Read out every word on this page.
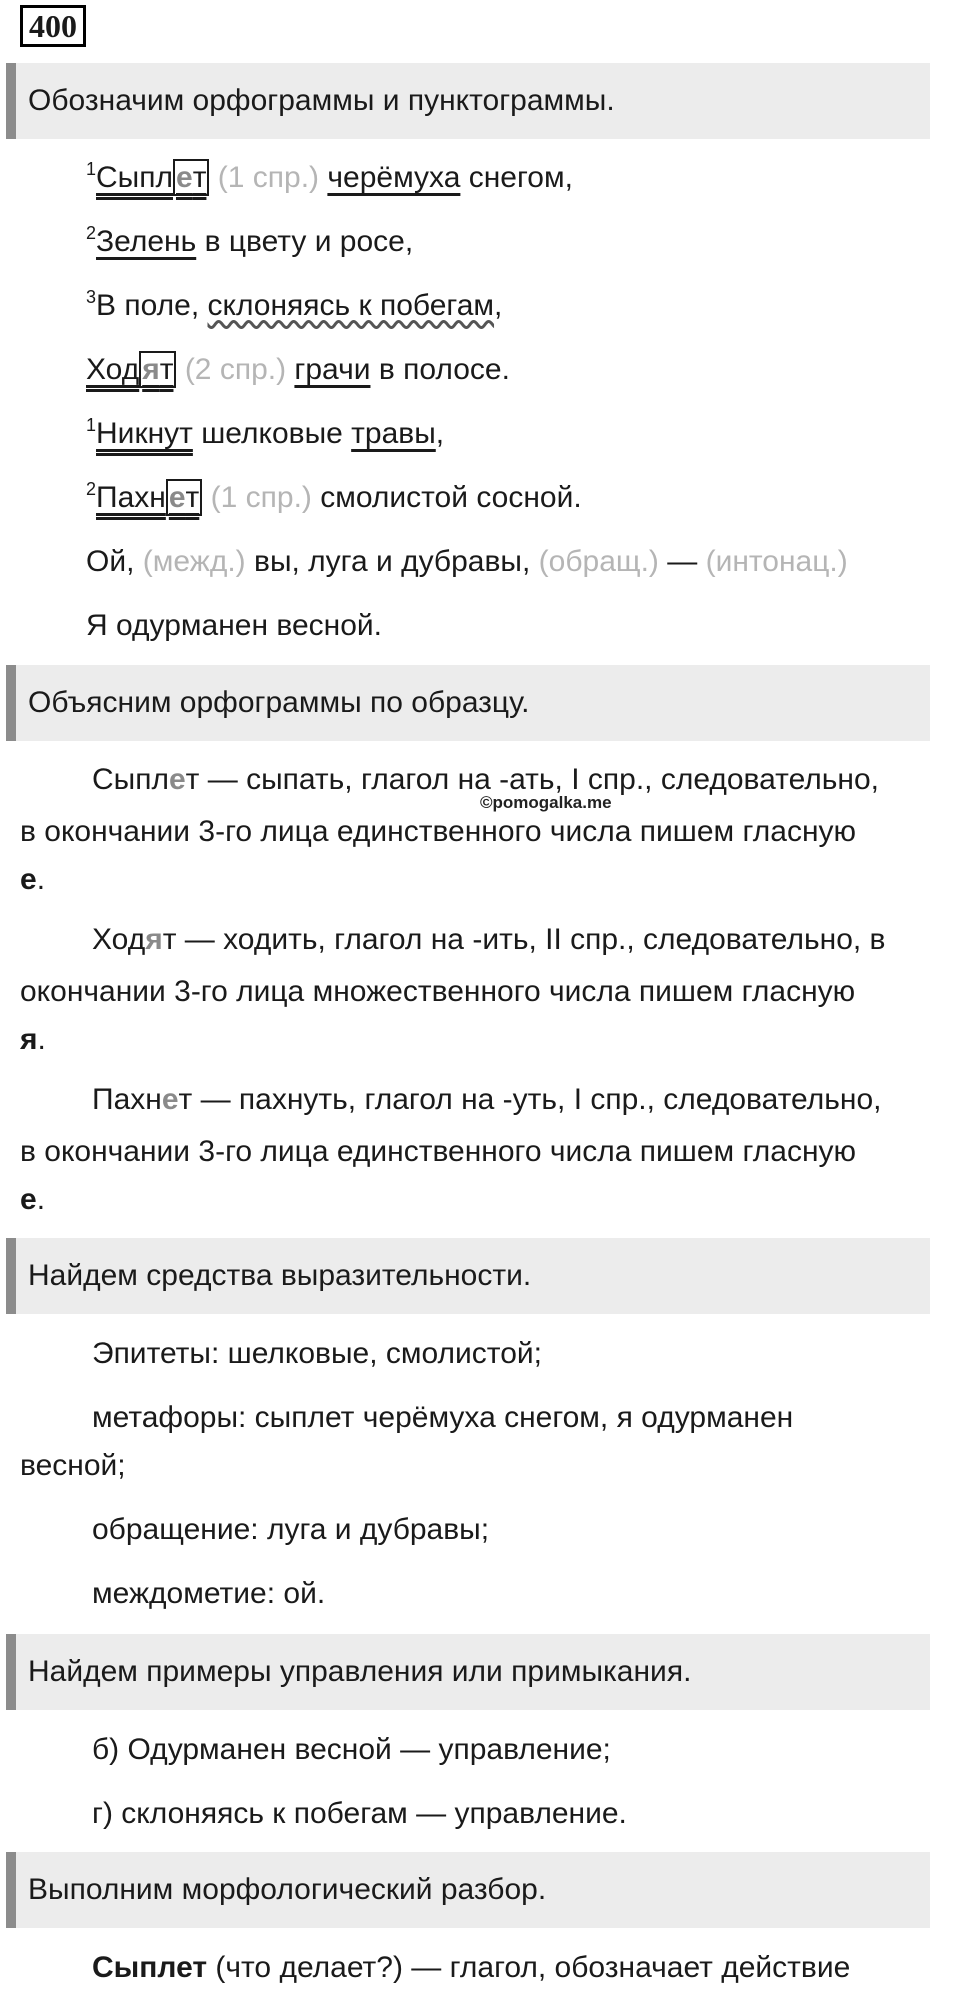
400
Обозначим орфограммы и пунктограммы.
$^1$Сыпл ет (1 спр.) черёмуха снегом,
$^2$Зелень в цвету и росе,
$^3$В поле, склоняясь к побегам,
Ход ят (2 спр.) грачи в полосе.
$^1$Никнут шелковые травы,
$^2$Пахн ет (1 спр.) смолистой сосной.
Ой, (межд.) вы, луга и дубравы, (обращ.) — (интонац.)
Я одурманен весной.
Объясним орфограммы по образцу.
Сыплет — сыпать, глагол на -ать, I спр., следовательно,
©pomogalka.me
в окончании 3-го лица единственного числа пишем гласную
е.
Ходят — ходить, глагол на -ить, II спр., следовательно, в
окончании 3-го лица множественного числа пишем гласную
я.
Пахнет — пахнуть, глагол на -уть, I спр., следовательно,
в окончании 3-го лица единственного числа пишем гласную
е.
Найдем средства выразительности.
Эпитеты: шелковые, смолистой;
метафоры: сыплет черёмуха снегом, я одурманен
весной;
обращение: луга и дубравы;
междометие: ой.
Найдем примеры управления или примыкания.
б) Одурманен весной — управление;
г) склоняясь к побегам — управление.
Выполним морфологический разбор.
Сыплет (что делает?) — глагол, обозначает действие
